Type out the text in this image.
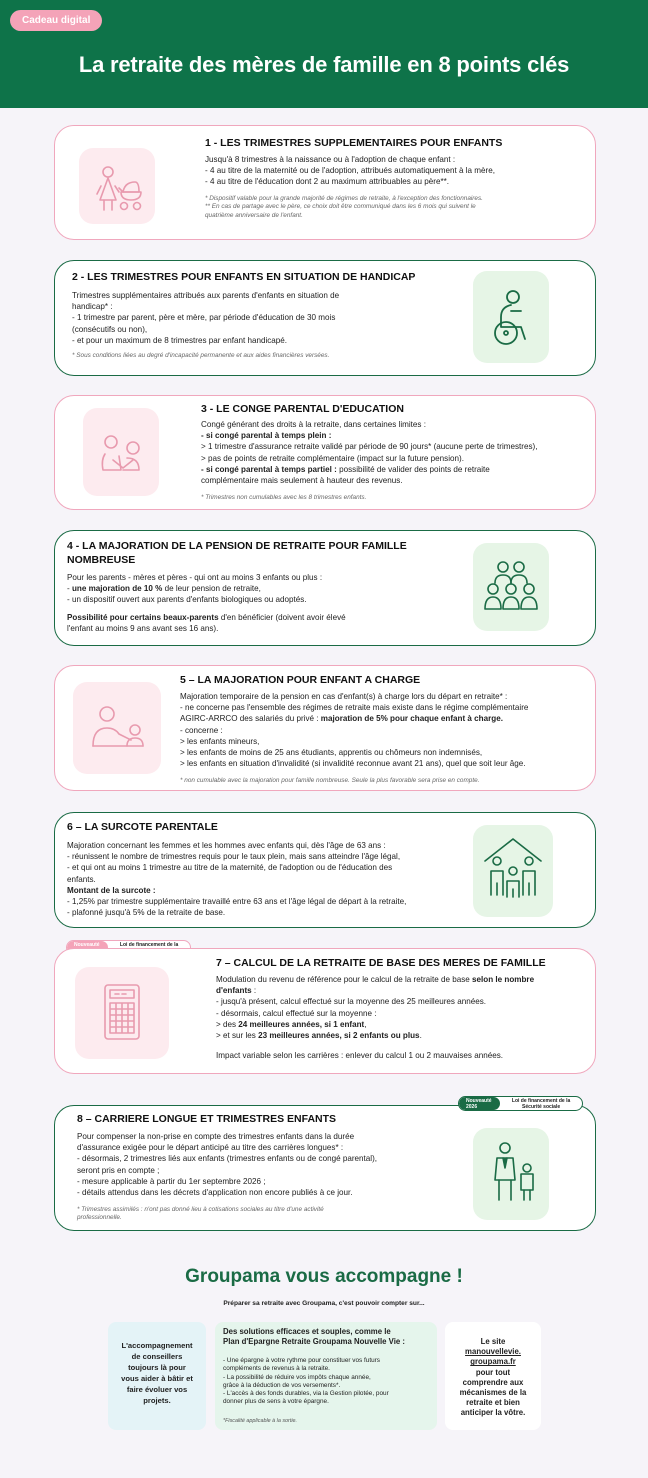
Cadeau digital
La retraite des mères de famille en 8 points clés
1 - LES TRIMESTRES SUPPLEMENTAIRES POUR ENFANTS

Jusqu'à 8 trimestres à la naissance ou à l'adoption de chaque enfant :

- 4 au titre de la maternité ou de l'adoption, attribués automatiquement à la mère,

- 4 au titre de l'éducation dont 2 au maximum attribuables au père**.

* Dispositif valable pour la grande majorité de régimes de retraite, à l'exception des fonctionnaires.

** En cas de partage avec le père, ce choix doit être communiqué dans les 6 mois qui suivent le

quatrième anniversaire de l'enfant.

2 - LES TRIMESTRES POUR ENFANTS EN SITUATION DE HANDICAP

Trimestres supplémentaires attribués aux parents d'enfants en situation de

handicap* :

- 1 trimestre par parent, père et mère, par période d'éducation de 30 mois

(consécutifs ou non),

- et pour un maximum de 8 trimestres par enfant handicapé.

* Sous conditions liées au degré d'incapacité permanente et aux aides financières versées.

3 - LE CONGE PARENTAL D'EDUCATION

Congé générant des droits à la retraite, dans certaines limites :

- si congé parental à temps plein :

> 1 trimestre d'assurance retraite validé par période de 90 jours* (aucune perte de trimestres),

> pas de points de retraite complémentaire (impact sur la future pension).

- si congé parental à temps partiel : possibilité de valider des points de retraite

complémentaire mais seulement à hauteur des revenus.

* Trimestres non cumulables avec les 8 trimestres enfants.

4 - LA MAJORATION DE LA PENSION DE RETRAITE POUR FAMILLE NOMBREUSE

Pour les parents - mères et pères - qui ont au moins 3 enfants ou plus :

- une majoration de 10 % de leur pension de retraite,

- un dispositif ouvert aux parents d'enfants biologiques ou adoptés.

Possibilité pour certains beaux-parents d'en bénéficier (doivent avoir élevé

l'enfant au moins 9 ans avant ses 16 ans).

5 – LA MAJORATION POUR ENFANT A CHARGE

Majoration temporaire de la pension en cas d'enfant(s) à charge lors du départ en retraite* :

- ne concerne pas l'ensemble des régimes de retraite mais existe dans le régime complémentaire

AGIRC-ARRCO des salariés du privé : majoration de 5% pour chaque enfant à charge.

- concerne :

> les enfants mineurs,

> les enfants de moins de 25 ans étudiants, apprentis ou chômeurs non indemnisés,

> les enfants en situation d'invalidité (si invalidité reconnue avant 21 ans), quel que soit leur âge.

* non cumulable avec la majoration pour famille nombreuse. Seule la plus favorable sera prise en compte.

6 – LA SURCOTE PARENTALE

Majoration concernant les femmes et les hommes avec enfants qui, dès l'âge de 63 ans :

- réunissent le nombre de trimestres requis pour le taux plein, mais sans atteindre l'âge légal,

- et qui ont au moins 1 trimestre au titre de la maternité, de l'adoption ou de l'éducation des

enfants.

Montant de la surcote :

- 1,25% par trimestre supplémentaire travaillé entre 63 ans et l'âge légal de départ à la retraite,

- plafonné jusqu'à 5% de la retraite de base.

Nouveauté	Loi de financement de la
7 – CALCUL DE LA RETRAITE DE BASE DES MERES DE FAMILLE

Modulation du revenu de référence pour le calcul de la retraite de base selon le nombre

d'enfants :

- jusqu'à présent, calcul effectué sur la moyenne des 25 meilleures années.

- désormais, calcul effectué sur la moyenne :

> des 24 meilleures années, si 1 enfant,

> et sur les 23 meilleures années, si 2 enfants ou plus.

Impact variable selon les carrières : enlever du calcul 1 ou 2 mauvaises années.

8 – CARRIERE LONGUE ET TRIMESTRES ENFANTS

Pour compenser la non-prise en compte des trimestres enfants dans la durée

d'assurance exigée pour le départ anticipé au titre des carrières longues* :

- désormais, 2 trimestres liés aux enfants (trimestres enfants ou de congé parental),

seront pris en compte ;

- mesure applicable à partir du 1er septembre 2026 ;

- détails attendus dans les décrets d'application non encore publiés à ce jour.

* Trimestres assimilés : n'ont pas donné lieu à cotisations sociales au titre d'une activité

professionnelle.

Nouveauté 2026
Loi de financement de la Sécurité sociale
Groupama vous accompagne !
Préparer sa retraite avec Groupama, c'est pouvoir compter sur...

L'accompagnement

de conseillers

toujours là pour

vous aider à bâtir et

faire évoluer vos

projets.

Des solutions efficaces et souples, comme le

Plan d'Epargne Retraite Groupama Nouvelle Vie :

- Une épargne à votre rythme pour constituer vos futurs

compléments de revenus à la retraite.

- La possibilité de réduire vos impôts chaque année,

grâce à la déduction de vos versements*.

- L'accès à des fonds durables, via la Gestion pilotée, pour

donner plus de sens à votre épargne.

*Fiscalité applicable à la sortie.

Le site

manouvellevie.

groupama.fr

pour tout

comprendre aux

mécanismes de la

retraite et bien

anticiper la vôtre.
